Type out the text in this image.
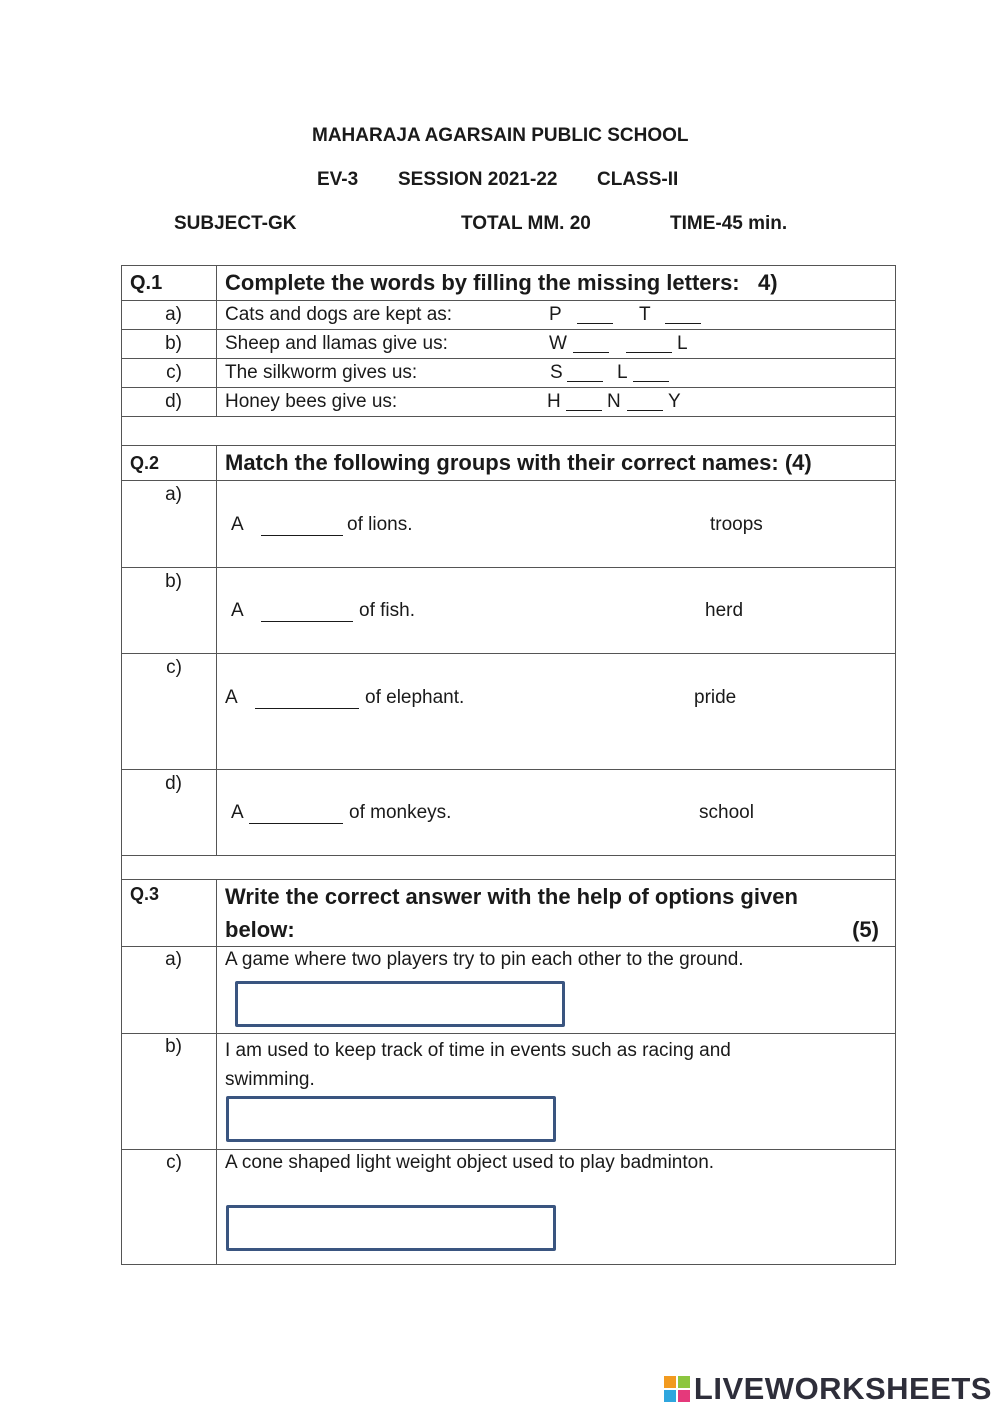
MAHARAJA AGARSAIN PUBLIC SCHOOL
EV-3 SESSION 2021-22 CLASS-II
SUBJECT-GK	TOTAL MM. 20	TIME-45 min.
Q.1	Complete the words by filling the missing letters:   4)
a)	Cats and dogs are kept as: P T

b)	Sheep and llamas give us: W L

c)	The silkworm gives us: S L

d)	Honey bees give us: H N Y

Q.2	Match the following groups with their correct names: (4)
a)	A of lions. troops

b)	A of fish. herd

c)	A of elephant. pride

d)	A of monkeys. school

Q.3	Write the correct answer with the help of options given
below: (5)

a)	A game where two players try to pin each other to the ground.

b)	I am used to keep track of time in events such as racing and swimming.

c)	A cone shaped light weight object used to play badminton.
LIVEWORKSHEETS
